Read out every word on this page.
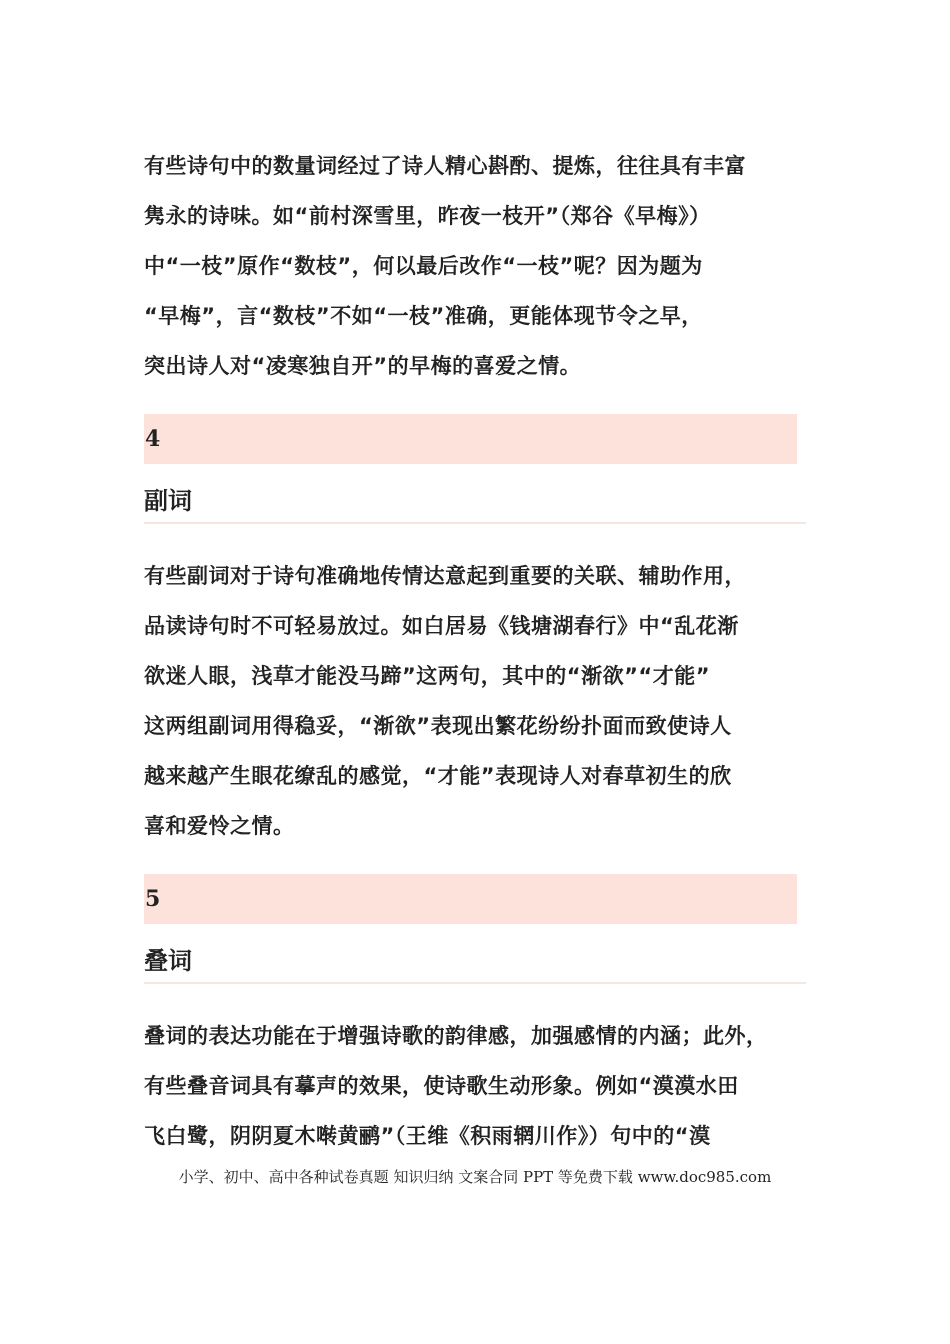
有些诗句中的数量词经过了诗人精心斟酌、提炼，往往具有丰富
隽永的诗味。如“前村深雪里，昨夜一枝开”（郑谷《早梅》）
中“一枝”原作“数枝”，何以最后改作“一枝”呢？因为题为
“早梅”，言“数枝”不如“一枝”准确，更能体现节令之早，
突出诗人对“凌寒独自开”的早梅的喜爱之情。
4
副词
有些副词对于诗句准确地传情达意起到重要的关联、辅助作用，
品读诗句时不可轻易放过。如白居易《钱塘湖春行》中“乱花渐
欲迷人眼，浅草才能没马蹄”这两句，其中的“渐欲”“才能”
这两组副词用得稳妥，“渐欲”表现出繁花纷纷扑面而致使诗人
越来越产生眼花缭乱的感觉，“才能”表现诗人对春草初生的欣
喜和爱怜之情。
5
叠词
叠词的表达功能在于增强诗歌的韵律感，加强感情的内涵；此外，
有些叠音词具有摹声的效果，使诗歌生动形象。例如“漠漠水田
飞白鹭，阴阴夏木啭黄鹂”（王维《积雨辋川作》）句中的“漠
小学、初中、高中各种试卷真题 知识归纳 文案合同 PPT 等免费下载 www.doc985.com
